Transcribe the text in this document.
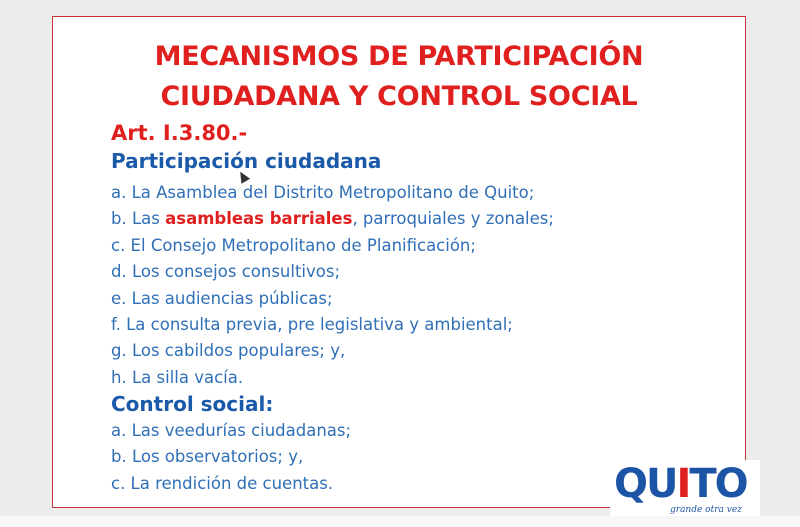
MECANISMOS DE PARTICIPACIÓN
CIUDADANA Y CONTROL SOCIAL
Art. I.3.80.-
Participación ciudadana
a. La Asamblea del Distrito Metropolitano de Quito;
b. Las asambleas barriales, parroquiales y zonales;
c. El Consejo Metropolitano de Planificación;
d. Los consejos consultivos;
e. Las audiencias públicas;
f. La consulta previa, pre legislativa y ambiental;
g. Los cabildos populares; y,
h. La silla vacía.
Control social:
a. Las veedurías ciudadanas;
b. Los observatorios; y,
c. La rendición de cuentas.	QUITO
grande otra vez
